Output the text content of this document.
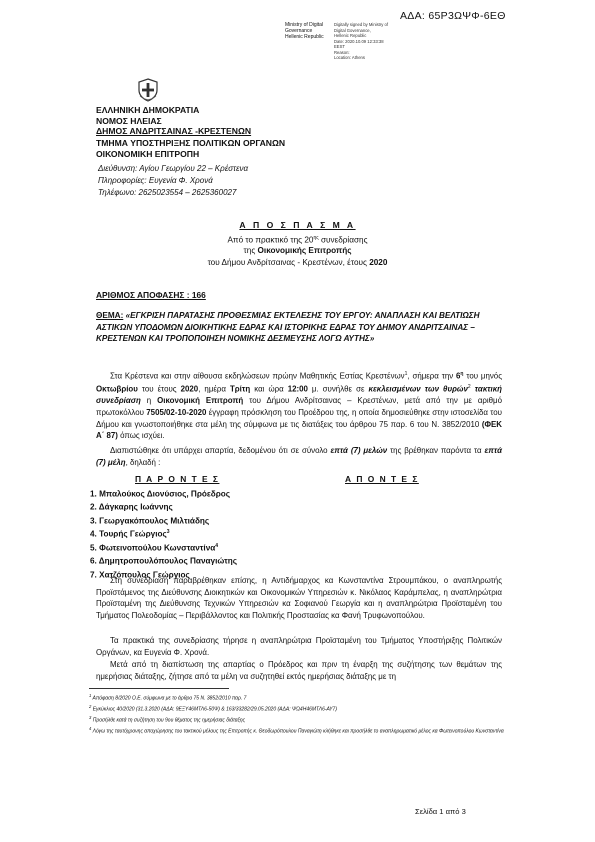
ΑΔΑ: 65Ρ3ΩΨΦ-6ΕΘ
Ministry of Digital
Governance
Hellenic Republic
Digitally signed by Ministry of
Digital Governance,
Hellenic Republic
Date: 2020.10.09 12:33:38
EEST
Reason:
Location: Athens
ΕΛΛΗΝΙΚΗ ΔΗΜΟΚΡΑΤΙΑ
ΝΟΜΟΣ ΗΛΕΙΑΣ
ΔΗΜΟΣ ΑΝΔΡΙΤΣΑΙΝΑΣ -ΚΡΕΣΤΕΝΩΝ
ΤΜΗΜΑ ΥΠΟΣΤΗΡΙΞΗΣ ΠΟΛΙΤΙΚΩΝ ΟΡΓΑΝΩΝ
ΟΙΚΟΝΟΜΙΚΗ ΕΠΙΤΡΟΠΗ
Διεύθυνση: Αγίου Γεωργίου 22 – Κρέστενα
Πληροφορίες: Ευγενία Φ. Χρονά
Τηλέφωνο: 2625023554 – 2625360027
Α Π Ο Σ Π Α Σ Μ Α
Από το πρακτικό της $20^{\eta\varsigma}$ συνεδρίασης
της Οικονομικής Επιτροπής
του Δήμου Ανδρίτσαινας - Κρεστένων, έτους 2020
ΑΡΙΘΜΟΣ ΑΠΟΦΑΣΗΣ : 166
ΘΕΜΑ: «ΕΓΚΡΙΣΗ ΠΑΡΑΤΑΣΗΣ ΠΡΟΘΕΣΜΙΑΣ ΕΚΤΕΛΕΣΗΣ ΤΟΥ ΕΡΓΟΥ: ΑΝΑΠΛΑΣΗ ΚΑΙ ΒΕΛΤΙΩΣΗ ΑΣΤΙΚΩΝ ΥΠΟΔΟΜΩΝ ΔΙΟΙΚΗΤΙΚΗΣ ΕΔΡΑΣ ΚΑΙ ΙΣΤΟΡΙΚΗΣ ΕΔΡΑΣ ΤΟΥ ΔΗΜΟΥ ΑΝΔΡΙΤΣΑΙΝΑΣ – ΚΡΕΣΤΕΝΩΝ ΚΑΙ ΤΡΟΠΟΠΟΙΗΣΗ ΝΟΜΙΚΗΣ ΔΕΣΜΕΥΣΗΣ ΛΟΓΩ ΑΥΤΗΣ»
Στα Κρέστενα και στην αίθουσα εκδηλώσεων πρώην Μαθητικής Εστίας Κρεστένων$^1$, σήμερα την $6^\eta$ του μηνός Οκτωβρίου του έτους 2020, ημέρα Τρίτη και ώρα 12:00 μ. συνήλθε σε κεκλεισμένων των θυρών$^2$ τακτική συνεδρίαση η Οικονομική Επιτροπή του Δήμου Ανδρίτσαινας – Κρεστένων, μετά από την με αριθμό πρωτοκόλλου 7505/02-10-2020 έγγραφη πρόσκληση του Προέδρου της, η οποία δημοσιεύθηκε στην ιστοσελίδα του Δήμου και γνωστοποιήθηκε στα μέλη της σύμφωνα με τις διατάξεις του άρθρου 75 παρ. 6 του Ν. 3852/2010 (ΦΕΚ Α΄ 87) όπως ισχύει.
Διαπιστώθηκε ότι υπάρχει απαρτία, δεδομένου ότι σε σύνολο επτά (7) μελών της βρέθηκαν παρόντα τα επτά (7) μέλη, δηλαδή :
Π Α Ρ Ο Ν Τ Ε Σ	Α Π Ο Ν Τ Ε Σ
1. Μπαλούκος Διονύσιος, Πρόεδρος
2. Δάγκαρης Ιωάννης
3. Γεωργακόπουλος Μιλτιάδης
4. Τουρής Γεώργιος$^3$
5. Φωτεινοπούλου Κωνσταντίνα$^4$
6. Δημητροπουλόπουλος Παναγιώτης
7. Χατζόπουλος Γεώργιος
Στη συνεδρίαση παραβρέθηκαν επίσης, η Αντιδήμαρχος κα Κωνσταντίνα Στρουμπάκου, ο αναπληρωτής Προϊστάμενος της Διεύθυνσης Διοικητικών και Οικονομικών Υπηρεσιών κ. Νικόλαος Καράμπελας, η αναπληρώτρια Προϊσταμένη της Διεύθυνσης Τεχνικών Υπηρεσιών κα Σοφιανού Γεωργία και η αναπληρώτρια Προϊσταμένη του Τμήματος Πολεοδομίας – Περιβάλλοντος και Πολιτικής Προστασίας κα Φανή Τρυφωνοπούλου.
Τα πρακτικά της συνεδρίασης τήρησε η αναπληρώτρια Προϊσταμένη του Τμήματος Υποστήριξης Πολιτικών Οργάνων, κα Ευγενία Φ. Χρονά.
Μετά από τη διαπίστωση της απαρτίας ο Πρόεδρος και πριν τη έναρξη της συζήτησης των θεμάτων της ημερήσιας διάταξης, ζήτησε από τα μέλη να συζητηθεί εκτός ημερήσιας διάταξης με τη
$^1$ Απόφαση 8/2020 Ο.Ε. σύμφωνα με το άρθρο 75 Ν. 3852/2010 παρ. 7
$^2$ Εγκύκλιος 40/2020 (31.3.2020 (ΑΔΑ: 9ΕΞΥ46ΜΤΛ6-50Ψ) & 163/33282/29.05.2020 (ΑΔΑ: ΨΩ4Η46ΜΤΛ6-ΑΥ7)
$^3$ Προσήλθε κατά τη συζήτηση του 9ου θέματος της ημερήσιας διάταξης
$^4$ Λόγω της ταυτόχρονης αποχώρησης του τακτικού μέλους της Επιτροπής κ. Θεοδωρόπουλου Παναγιώτη κλήθηκε και προσήλθε το αναπληρωματικό μέλος κα Φωτεινοπούλου Κωνσταντίνα
Σελίδα 1 από 3
